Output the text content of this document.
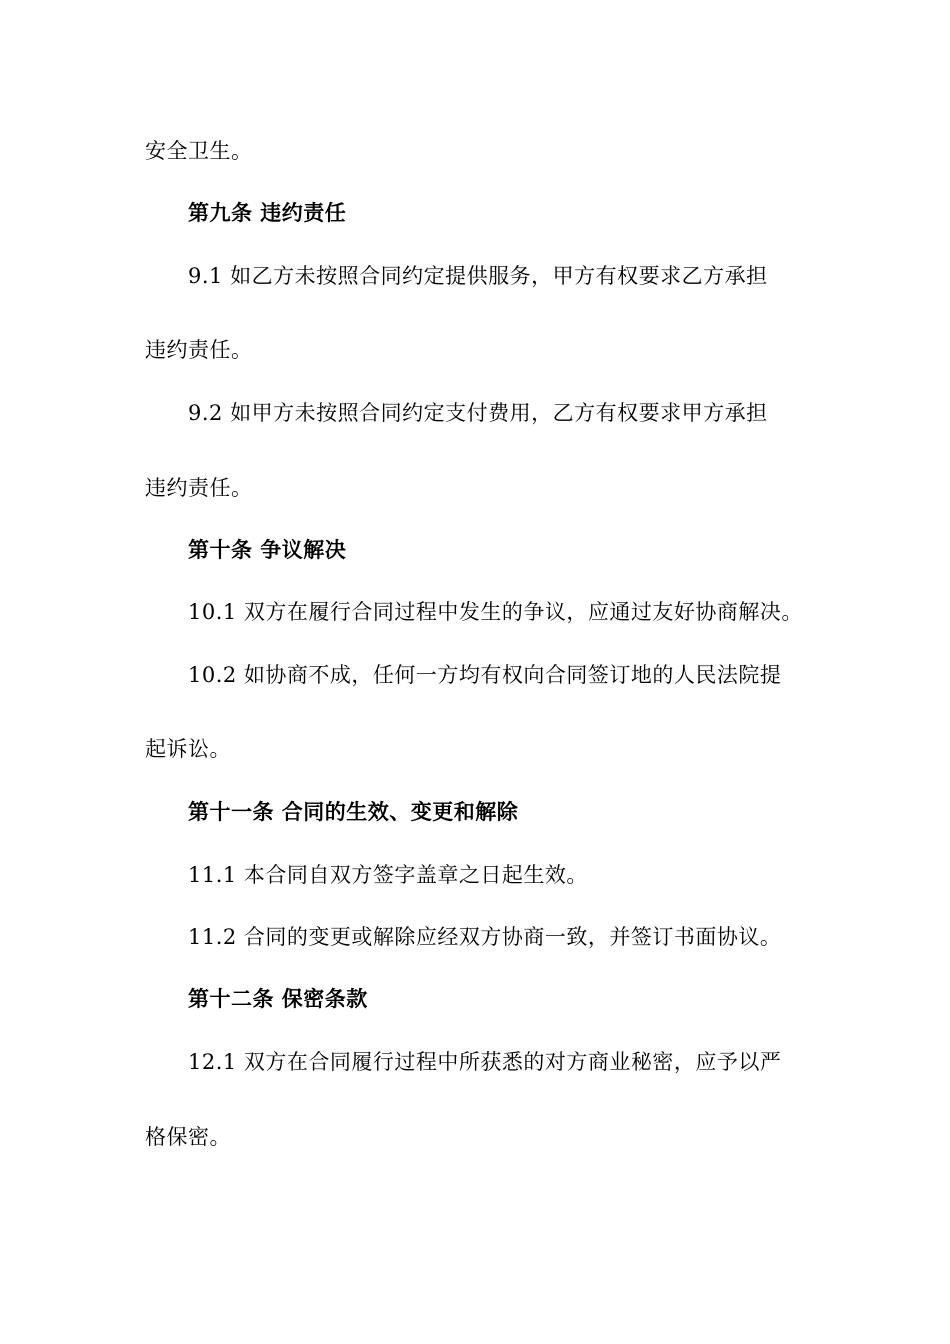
安全卫生。
第九条 违约责任
9.1 如乙方未按照合同约定提供服务，甲方有权要求乙方承担
违约责任。
9.2 如甲方未按照合同约定支付费用，乙方有权要求甲方承担
违约责任。
第十条 争议解决
10.1 双方在履行合同过程中发生的争议，应通过友好协商解决。
10.2 如协商不成，任何一方均有权向合同签订地的人民法院提
起诉讼。
第十一条 合同的生效、变更和解除
11.1 本合同自双方签字盖章之日起生效。
11.2 合同的变更或解除应经双方协商一致，并签订书面协议。
第十二条 保密条款
12.1 双方在合同履行过程中所获悉的对方商业秘密，应予以严
格保密。
